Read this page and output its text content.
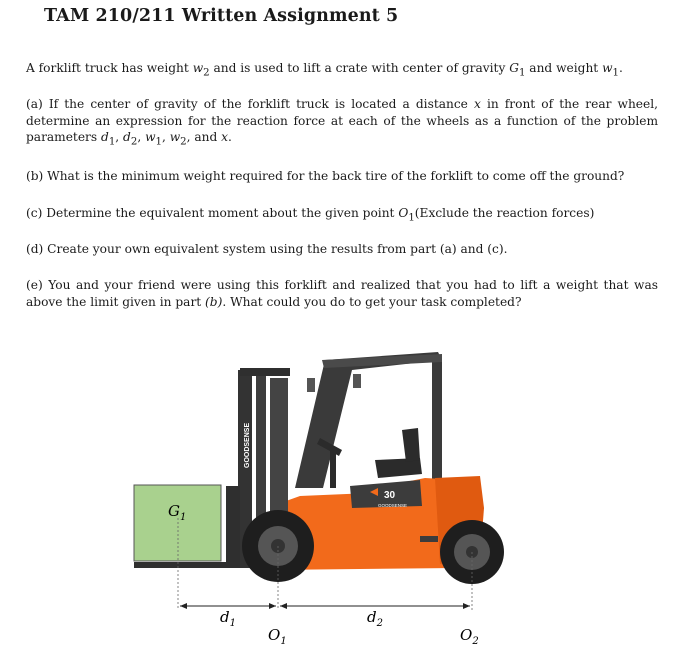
TAM 210/211 Written Assignment 5
A forklift truck has weight $w_2$ and is used to lift a crate with center of gravity $G_1$ and weight $w_1$.
(a) If the center of gravity of the forklift truck is located a distance x in front of the rear wheel, determine an expression for the reaction force at each of the wheels as a function of the problem parameters $d_1$, $d_2$, $w_1$, $w_2$, and x.
(b) What is the minimum weight required for the back tire of the forklift to come off the ground?
(c) Determine the equivalent moment about the given point $O_1(Exclude$ the reaction forces)
(d) Create your own equivalent system using the results from part (a) and (c).
(e) You and your friend were using this forklift and realized that you had to lift a weight that was above the limit given in part (b). What could you do to get your task completed?
30
GOODSENSE
GOODSENSE
$G_1$
$d_1$	$d_2$
$O_1$	$O_2$
